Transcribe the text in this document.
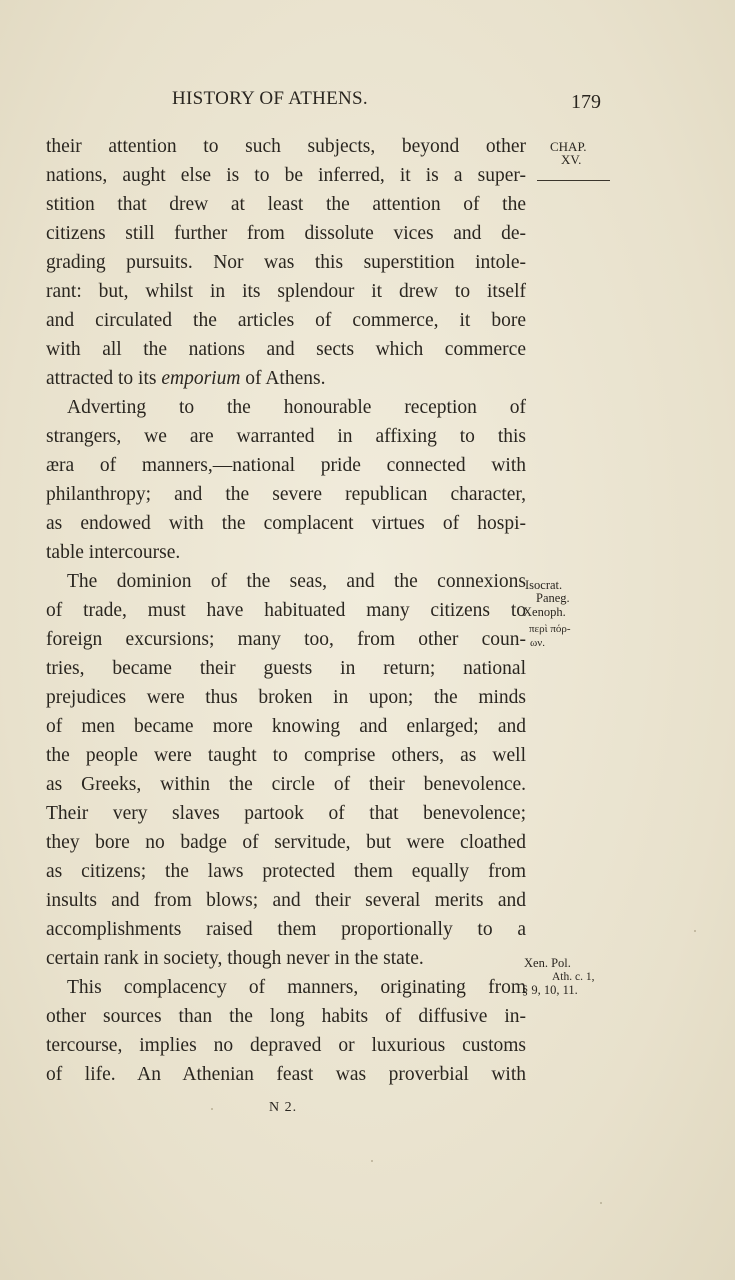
HISTORY OF ATHENS.	179
their attention to such subjects, beyond other
nations, aught else is to be inferred, it is a super-
stition that drew at least the attention of the
citizens still further from dissolute vices and de-
grading pursuits. Nor was this superstition intole-
rant: but, whilst in its splendour it drew to itself
and circulated the articles of commerce, it bore
with all the nations and sects which commerce
attracted to its emporium of Athens.
Adverting to the honourable reception of
strangers, we are warranted in affixing to this
æra of manners,—national pride connected with
philanthropy; and the severe republican character,
as endowed with the complacent virtues of hospi-
table intercourse.
The dominion of the seas, and the connexions
of trade, must have habituated many citizens to
foreign excursions; many too, from other coun-
tries, became their guests in return; national
prejudices were thus broken in upon; the minds
of men became more knowing and enlarged; and
the people were taught to comprise others, as well
as Greeks, within the circle of their benevolence.
Their very slaves partook of that benevolence;
they bore no badge of servitude, but were cloathed
as citizens; the laws protected them equally from
insults and from blows; and their several merits and
accomplishments raised them proportionally to a
certain rank in society, though never in the state.
This complacency of manners, originating from
other sources than the long habits of diffusive in-
tercourse, implies no depraved or luxurious customs
of life. An Athenian feast was proverbial with
CHAP.
XV.
Isocrat.
Paneg.
Xenoph.
περὶ πόρ-
ων.
Xen. Pol.
Ath. c. 1,
§ 9, 10, 11.
N 2.
